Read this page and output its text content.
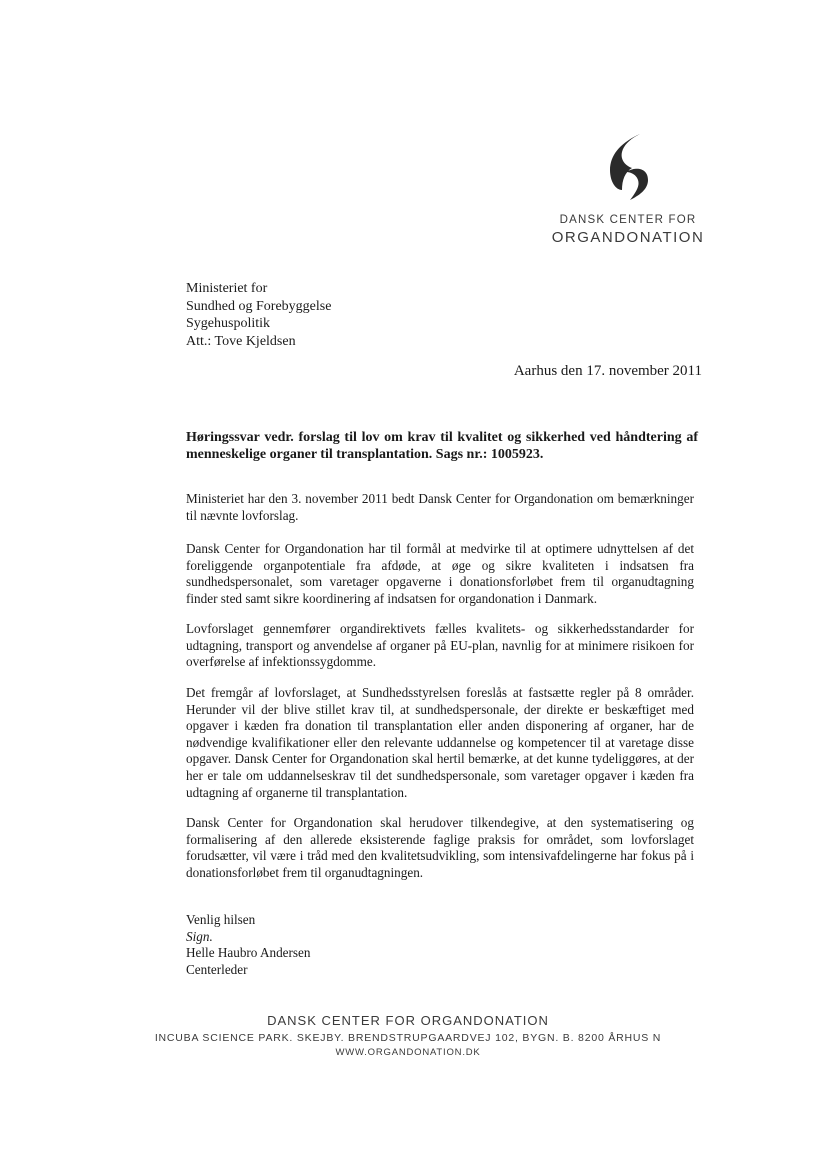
DANSK CENTER FOR
ORGANDONATION
Ministeriet for
Sundhed og Forebyggelse
Sygehuspolitik
Att.: Tove Kjeldsen
Aarhus den 17. november 2011
Høringssvar vedr. forslag til lov om krav til kvalitet og sikkerhed ved håndtering af menneskelige organer til transplantation. Sags nr.: 1005923.
Ministeriet har den 3. november 2011 bedt Dansk Center for Organdonation om bemærkninger til nævnte lovforslag.
Dansk Center for Organdonation har til formål at medvirke til at optimere udnyttelsen af det foreliggende organpotentiale fra afdøde, at øge og sikre kvaliteten i indsatsen fra sundhedspersonalet, som varetager opgaverne i donationsforløbet frem til organudtagning finder sted samt sikre koordinering af indsatsen for organdonation i Danmark.
Lovforslaget gennemfører organdirektivets fælles kvalitets- og sikkerhedsstandarder for udtagning, transport og anvendelse af organer på EU-plan, navnlig for at minimere risikoen for overførelse af infektionssygdomme.
Det fremgår af lovforslaget, at Sundhedsstyrelsen foreslås at fastsætte regler på 8 områder. Herunder vil der blive stillet krav til, at sundhedspersonale, der direkte er beskæftiget med opgaver i kæden fra donation til transplantation eller anden disponering af organer, har de nødvendige kvalifikationer eller den relevante uddannelse og kompetencer til at varetage disse opgaver. Dansk Center for Organdonation skal hertil bemærke, at det kunne tydeliggøres, at der her er tale om uddannelseskrav til det sundhedspersonale, som varetager opgaver i kæden fra udtagning af organerne til transplantation.
Dansk Center for Organdonation skal herudover tilkendegive, at den systematisering og formalisering af den allerede eksisterende faglige praksis for området, som lovforslaget forudsætter, vil være i tråd med den kvalitetsudvikling, som intensivafdelingerne har fokus på i donationsforløbet frem til organudtagningen.
Venlig hilsen
Sign.
Helle Haubro Andersen
Centerleder
DANSK CENTER FOR ORGANDONATION
INCUBA SCIENCE PARK. SKEJBY. BRENDSTRUPGAARDVEJ 102, BYGN. B. 8200 ÅRHUS N
WWW.ORGANDONATION.DK
